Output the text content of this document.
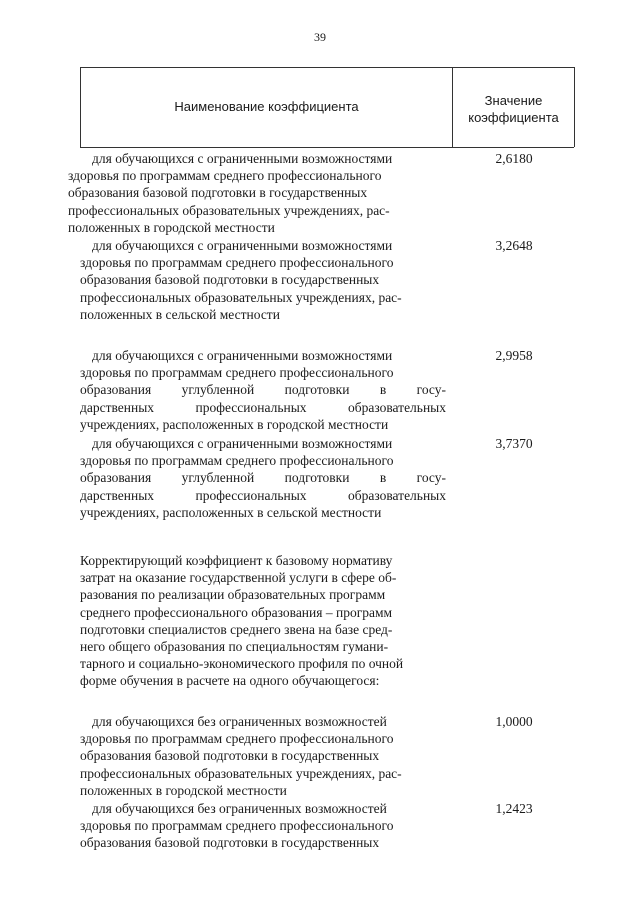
39
Наименование коэффициента	Значение
коэффициента
для обучающихся с ограниченными возможностями
здоровья по программам среднего профессионального
образования базовой подготовки в государственных
профессиональных образовательных учреждениях, рас-
положенных в городской местности
2,6180
для обучающихся с ограниченными возможностями
здоровья по программам среднего профессионального
образования базовой подготовки в государственных
профессиональных образовательных учреждениях, рас-
положенных в сельской местности
3,2648
для обучающихся с ограниченными возможностями
здоровья по программам среднего профессионального
образования углубленной подготовки в госу-
дарственных профессиональных образовательных
учреждениях, расположенных в городской местности
2,9958
для обучающихся с ограниченными возможностями
здоровья по программам среднего профессионального
образования углубленной подготовки в госу-
дарственных профессиональных образовательных
учреждениях, расположенных в сельской местности
3,7370
Корректирующий коэффициент к базовому нормативу
затрат на оказание государственной услуги в сфере об-
разования по реализации образовательных программ
среднего профессионального образования – программ
подготовки специалистов среднего звена на базе сред-
него общего образования по специальностям гумани-
тарного и социально-экономического профиля по очной
форме обучения в расчете на одного обучающегося:
для обучающихся без ограниченных возможностей
здоровья по программам среднего профессионального
образования базовой подготовки в государственных
профессиональных образовательных учреждениях, рас-
положенных в городской местности
1,0000
для обучающихся без ограниченных возможностей
здоровья по программам среднего профессионального
образования базовой подготовки в государственных
1,2423
